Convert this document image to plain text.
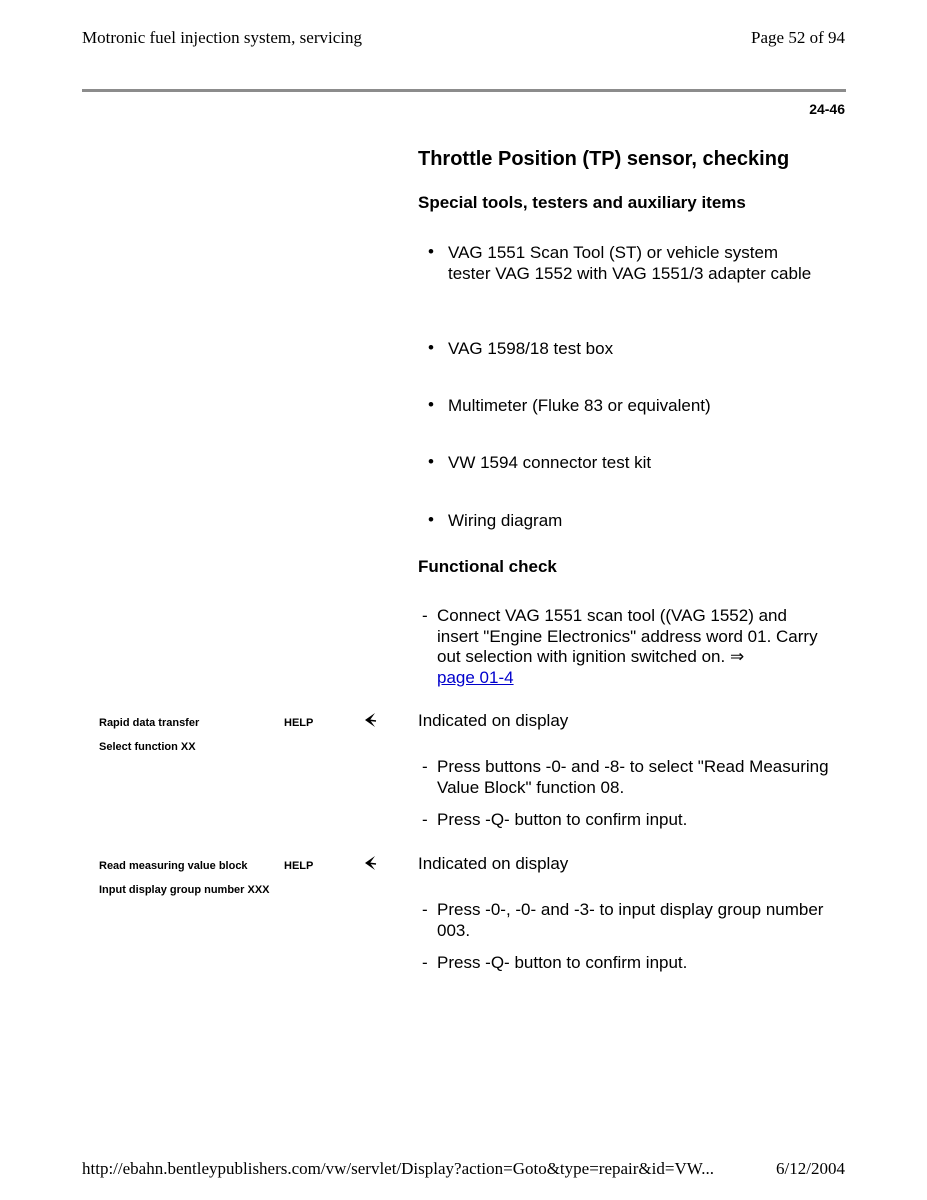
Motronic fuel injection system, servicing	Page 52 of 94
24-46
Throttle Position (TP) sensor, checking
Special tools, testers and auxiliary items
• VAG 1551 Scan Tool (ST) or vehicle system tester VAG 1552 with VAG 1551/3 adapter cable
• VAG 1598/18 test box
• Multimeter (Fluke 83 or equivalent)
• VW 1594 connector test kit
• Wiring diagram
Functional check
- Connect VAG 1551 scan tool ((VAG 1552) and insert "Engine Electronics" address word 01. Carry out selection with ignition switched on. ⇒
page 01-4
Rapid data transfer	HELP
Select function XX
Indicated on display
- Press buttons -0- and -8- to select "Read Measuring Value Block" function 08.
- Press -Q- button to confirm input.
Read measuring value block	HELP
Input display group number XXX
Indicated on display
- Press -0-, -0- and -3- to input display group number 003.
- Press -Q- button to confirm input.
http://ebahn.bentleypublishers.com/vw/servlet/Display?action=Goto&type=repair&id=VW...	6/12/2004
